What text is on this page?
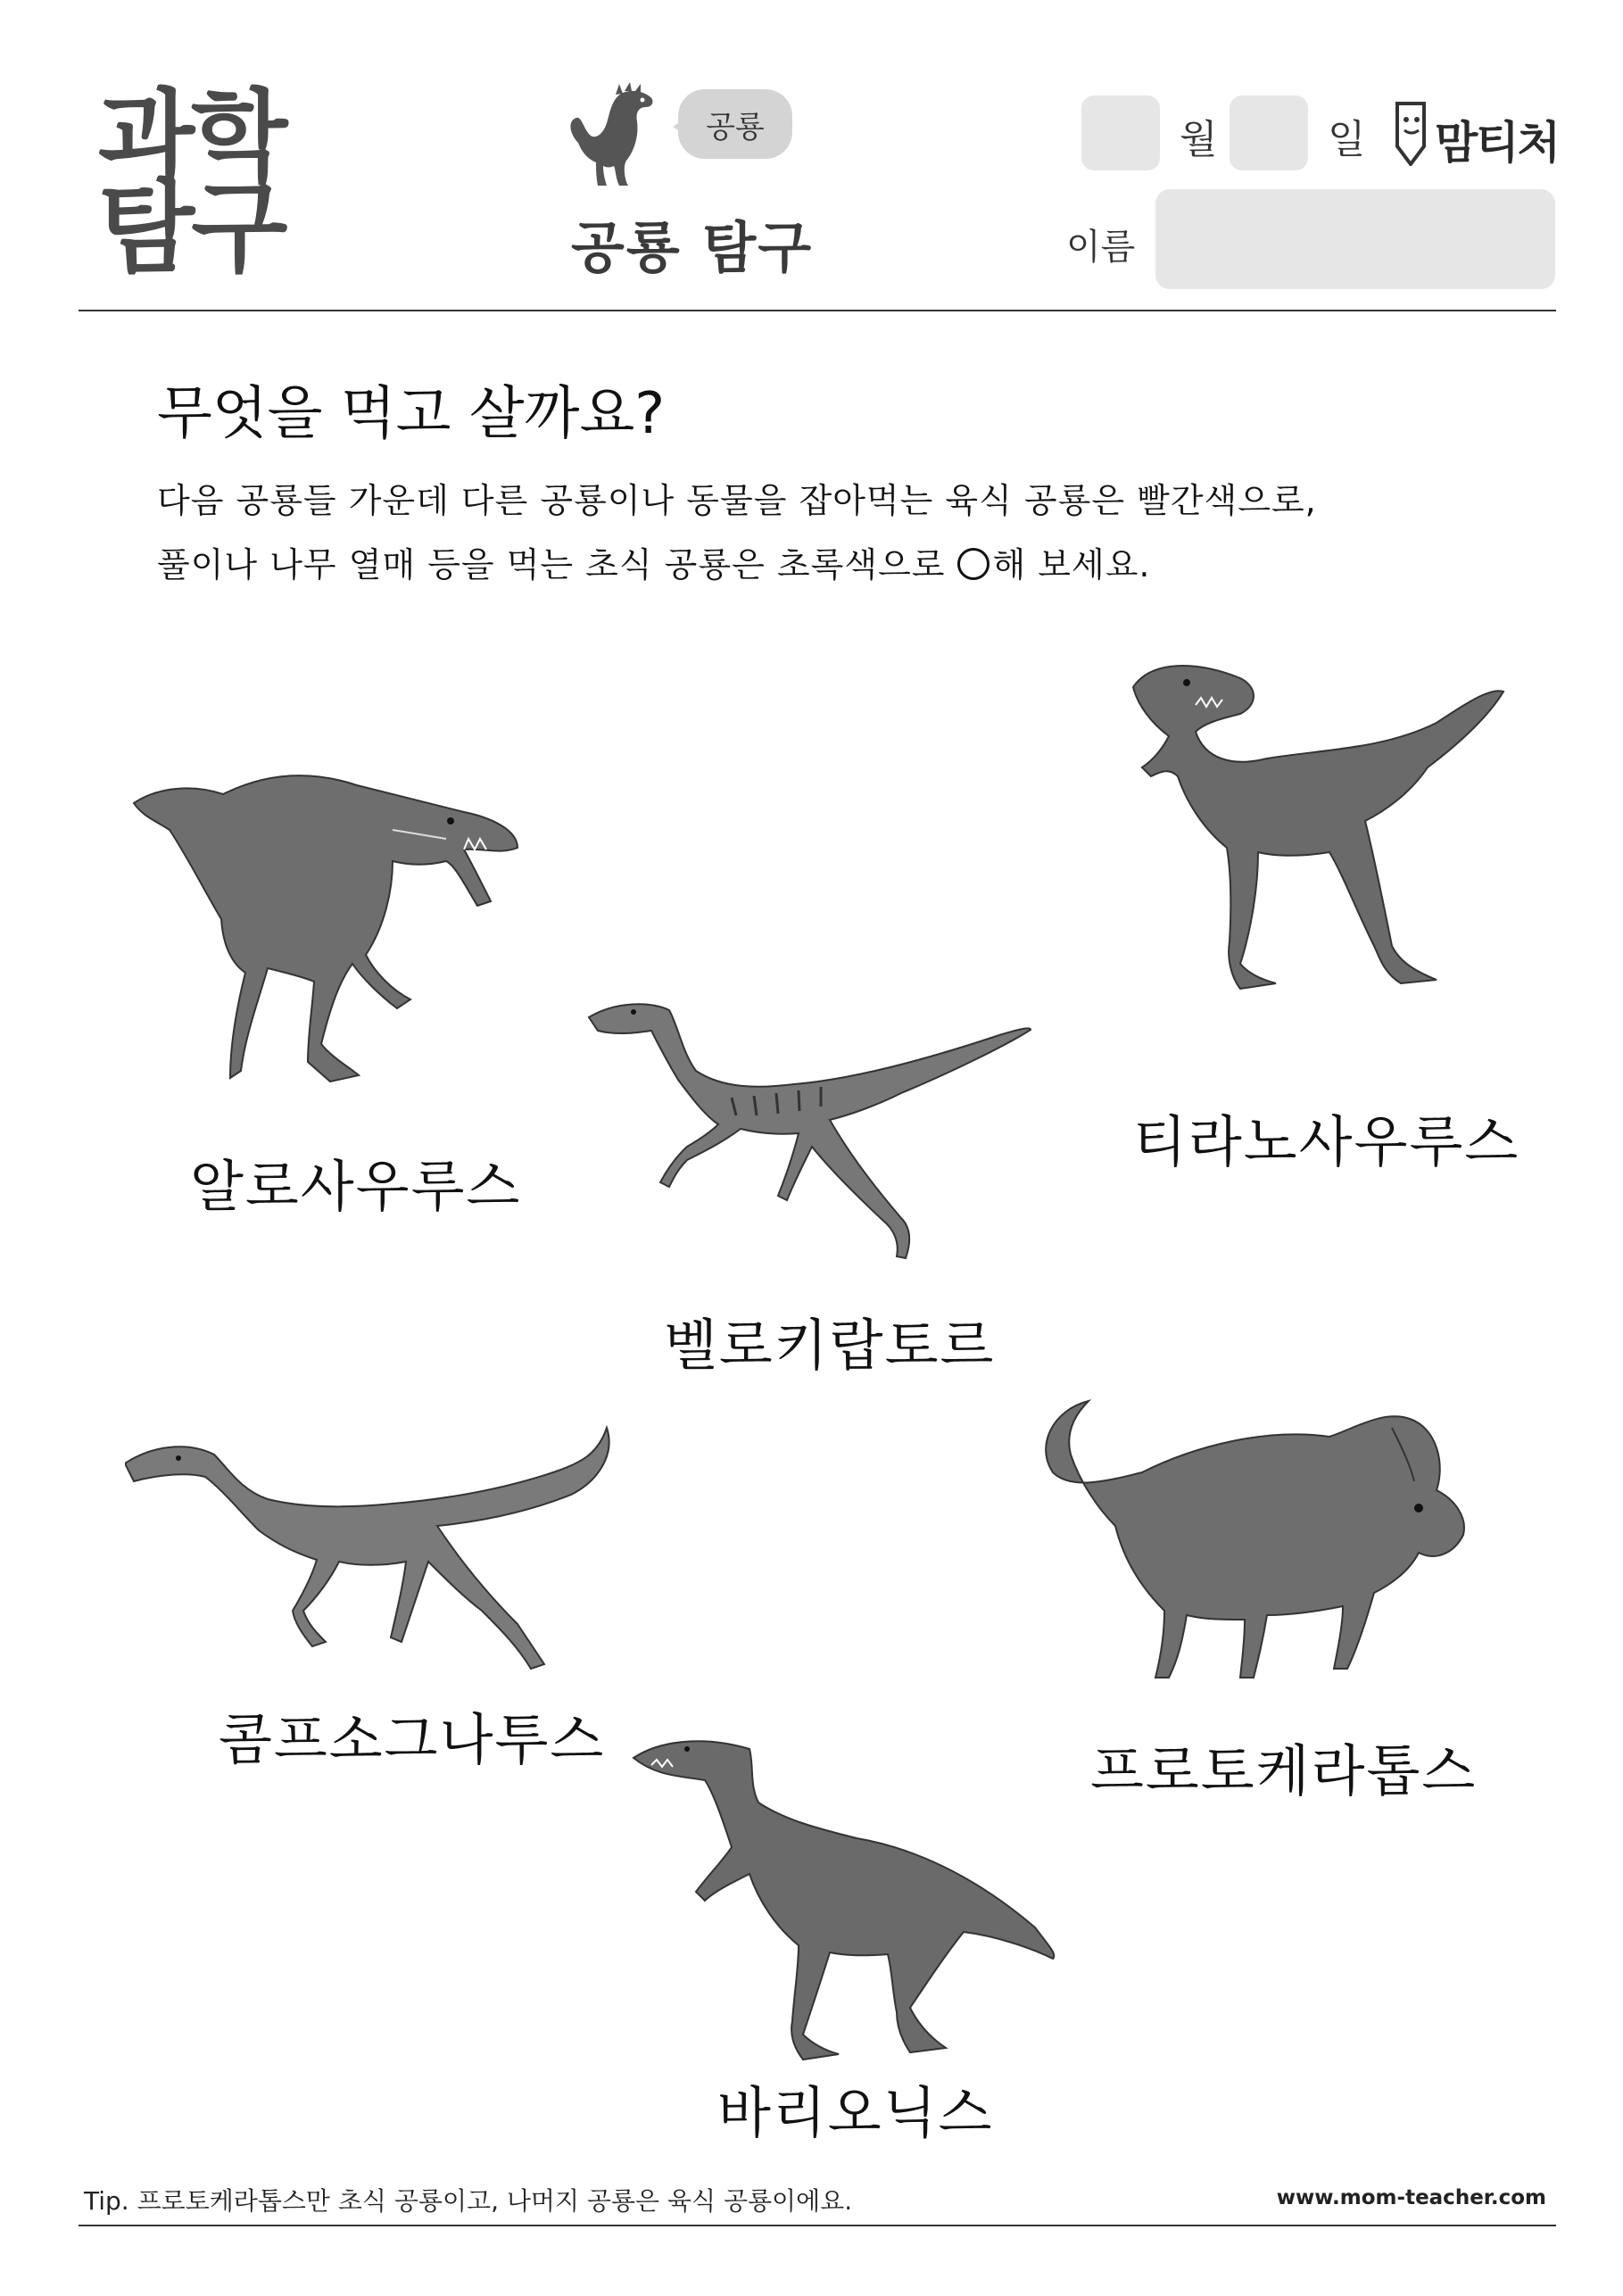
과학
탐구
공룡
공룡 탐구
월	일 맘티처
이름
무엇을 먹고 살까요?
다음 공룡들 가운데 다른 공룡이나 동물을 잡아먹는 육식 공룡은 빨간색으로,
풀이나 나무 열매 등을 먹는 초식 공룡은 초록색으로 해 보세요.
알로사우루스
티라노사우루스
벨로키랍토르
콤프소그나투스	프로토케라톱스
바리오닉스
Tip. 프로토케라톱스만 초식 공룡이고, 나머지 공룡은 육식 공룡이에요.	www.mom-teacher.com
